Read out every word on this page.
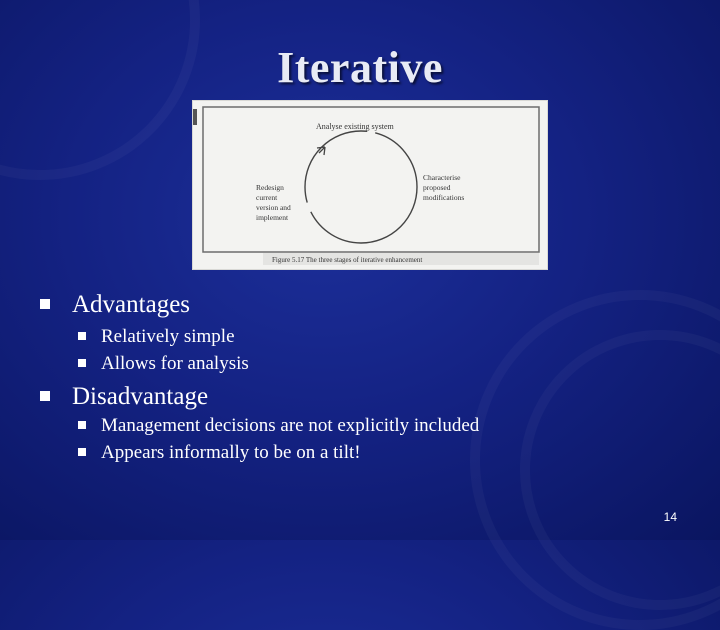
Iterative
Analyse existing system
Characterise proposed modifications
Redesign current version and implement
Figure 5.17 The three stages of iterative enhancement
Advantages
Relatively simple
Allows for analysis
Disadvantage
Management decisions are not explicitly included
Appears informally to be on a tilt!
14
